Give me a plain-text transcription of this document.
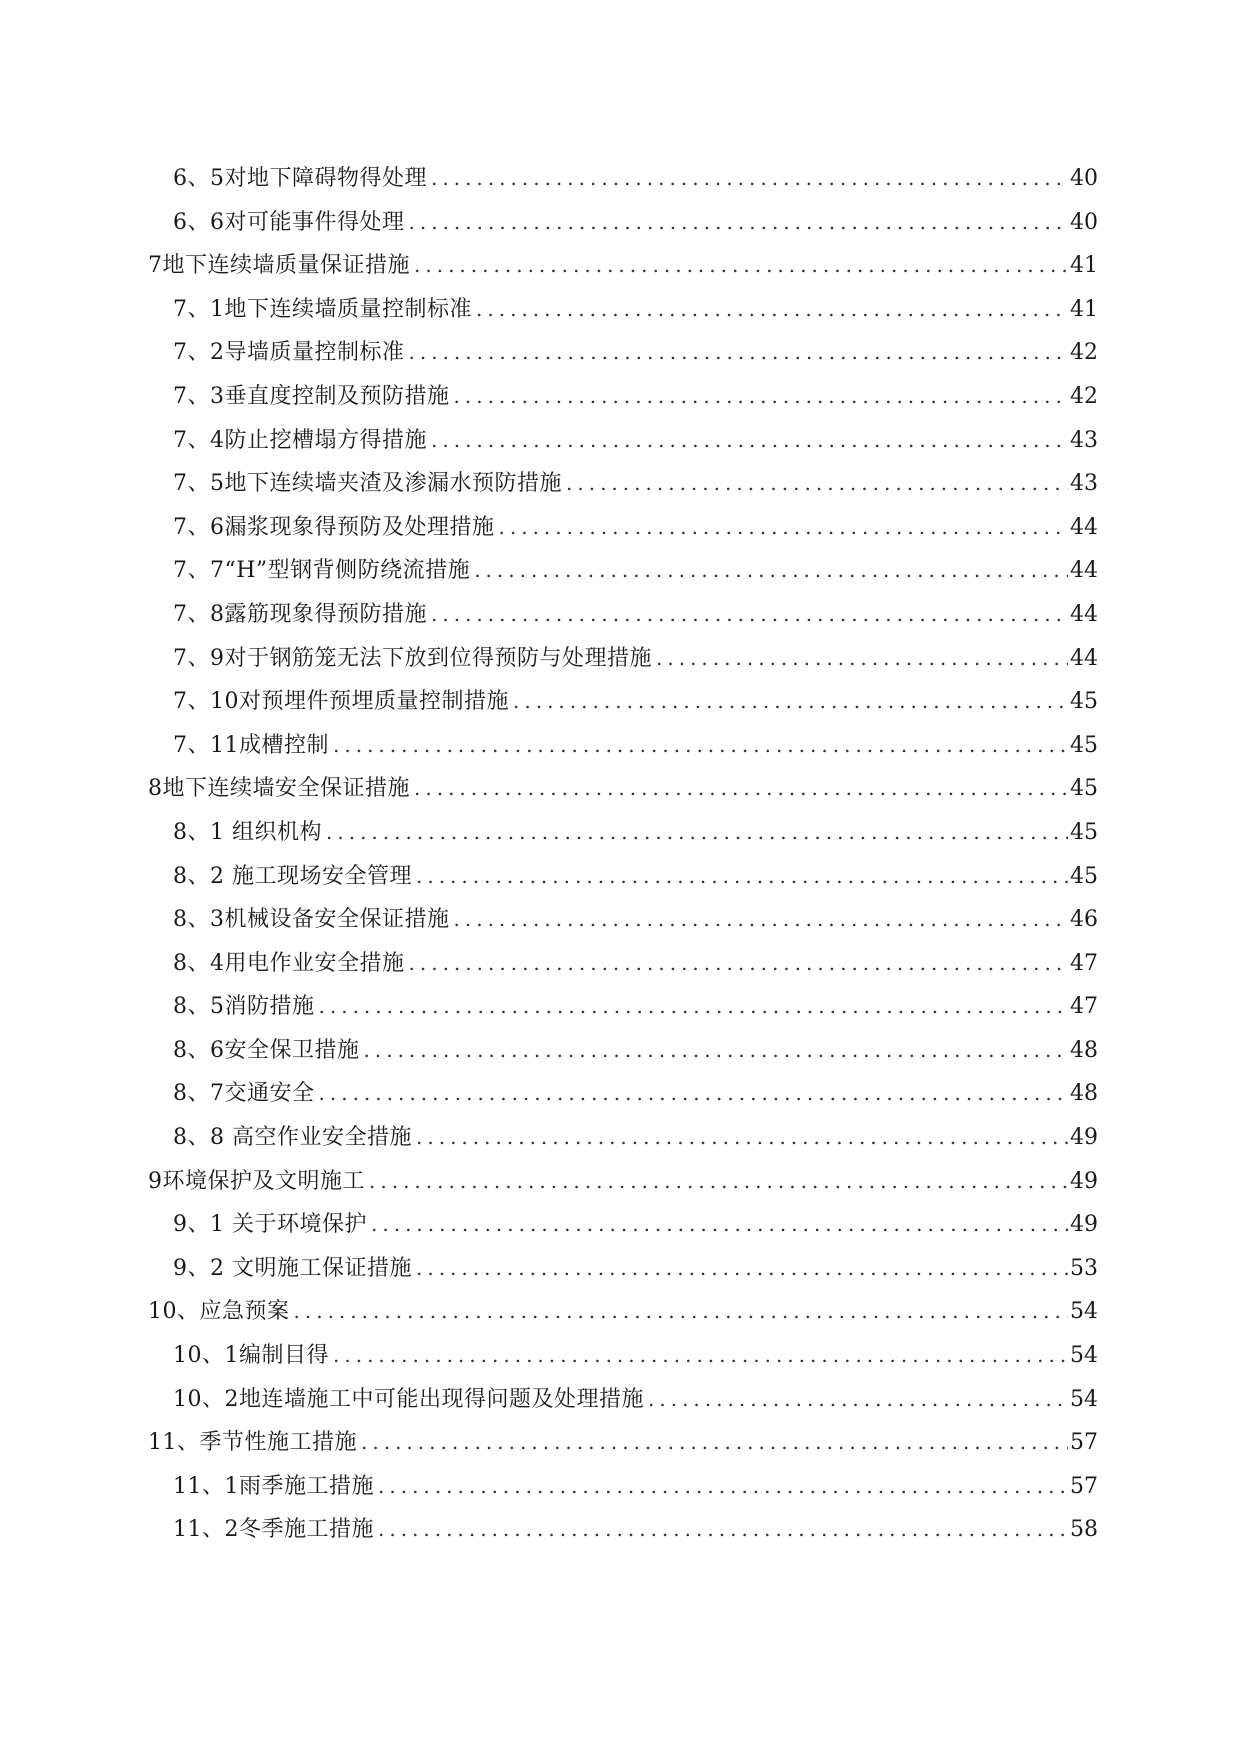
6、5对地下障碍物得处理 .....	40
6、6对可能事件得处理 .....	40
7地下连续墙质量保证措施 .....	41
7、1地下连续墙质量控制标准 .....	41
7、2导墙质量控制标准 .....	42
7、3垂直度控制及预防措施 .....	42
7、4防止挖槽塌方得措施 .....	43
7、5地下连续墙夹渣及渗漏水预防措施 .....	43
7、6漏浆现象得预防及处理措施 .....	44
7、7“H”型钢背侧防绕流措施 .....	44
7、8露筋现象得预防措施 .....	44
7、9对于钢筋笼无法下放到位得预防与处理措施 .....	44
7、10对预埋件预埋质量控制措施 .....	45
7、11成槽控制 .....	45
8地下连续墙安全保证措施 .....	45
8、1 组织机构 .....	45
8、2 施工现场安全管理 .....	45
8、3机械设备安全保证措施 .....	46
8、4用电作业安全措施 .....	47
8、5消防措施 .....	47
8、6安全保卫措施 .....	48
8、7交通安全 .....	48
8、8 高空作业安全措施 .....	49
9环境保护及文明施工 .....	49
9、1 关于环境保护 .....	49
9、2 文明施工保证措施 .....	53
10、应急预案 .....	54
10、1编制目得 .....	54
10、2地连墙施工中可能出现得问题及处理措施 .....	54
11、季节性施工措施 .....	57
11、1雨季施工措施 .....	57
11、2冬季施工措施 .....	58
